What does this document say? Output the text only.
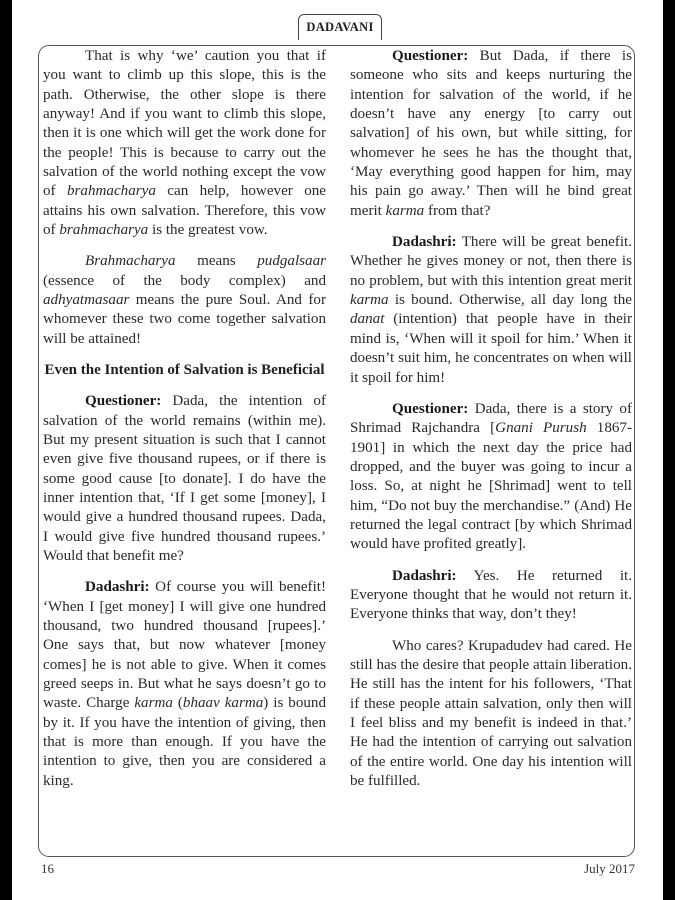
DADAVANI

That is why ‘we’ caution you that if you want to climb up this slope, this is the path. Otherwise, the other slope is there anyway! And if you want to climb this slope, then it is one which will get the work done for the people! This is because to carry out the salvation of the world nothing except the vow of brahmacharya can help, however one attains his own salvation. Therefore, this vow of brahmacharya is the greatest vow.

Brahmacharya means pudgalsaar (essence of the body complex) and adhyatmasaar means the pure Soul. And for whomever these two come together salvation will be attained!

Even the Intention of Salvation is Beneficial

Questioner: Dada, the intention of salvation of the world remains (within me). But my present situation is such that I cannot even give five thousand rupees, or if there is some good cause [to donate]. I do have the inner intention that, ‘If I get some [money], I would give a hundred thousand rupees. Dada, I would give five hundred thousand rupees.’ Would that benefit me?

Dadashri: Of course you will benefit! ‘When I [get money] I will give one hundred thousand, two hundred thousand [rupees].’ One says that, but now whatever [money comes] he is not able to give. When it comes greed seeps in. But what he says doesn’t go to waste. Charge karma (bhaav karma) is bound by it. If you have the intention of giving, then that is more than enough. If you have the intention to give, then you are considered a king.

Questioner: But Dada, if there is someone who sits and keeps nurturing the intention for salvation of the world, if he doesn’t have any energy [to carry out salvation] of his own, but while sitting, for whomever he sees he has the thought that, ‘May everything good happen for him, may his pain go away.’ Then will he bind great merit karma from that?

Dadashri: There will be great benefit. Whether he gives money or not, then there is no problem, but with this intention great merit karma is bound. Otherwise, all day long the danat (intention) that people have in their mind is, ‘When will it spoil for him.’ When it doesn’t suit him, he concentrates on when will it spoil for him!

Questioner: Dada, there is a story of Shrimad Rajchandra [Gnani Purush 1867-1901] in which the next day the price had dropped, and the buyer was going to incur a loss. So, at night he [Shrimad] went to tell him, “Do not buy the merchandise.” (And) He returned the legal contract [by which Shrimad would have profited greatly].

Dadashri: Yes. He returned it. Everyone thought that he would not return it. Everyone thinks that way, don’t they!

Who cares? Krupadudev had cared. He still has the desire that people attain liberation. He still has the intent for his followers, ‘That if these people attain salvation, only then will I feel bliss and my benefit is indeed in that.’ He had the intention of carrying out salvation of the entire world. One day his intention will be fulfilled.

16	July 2017
